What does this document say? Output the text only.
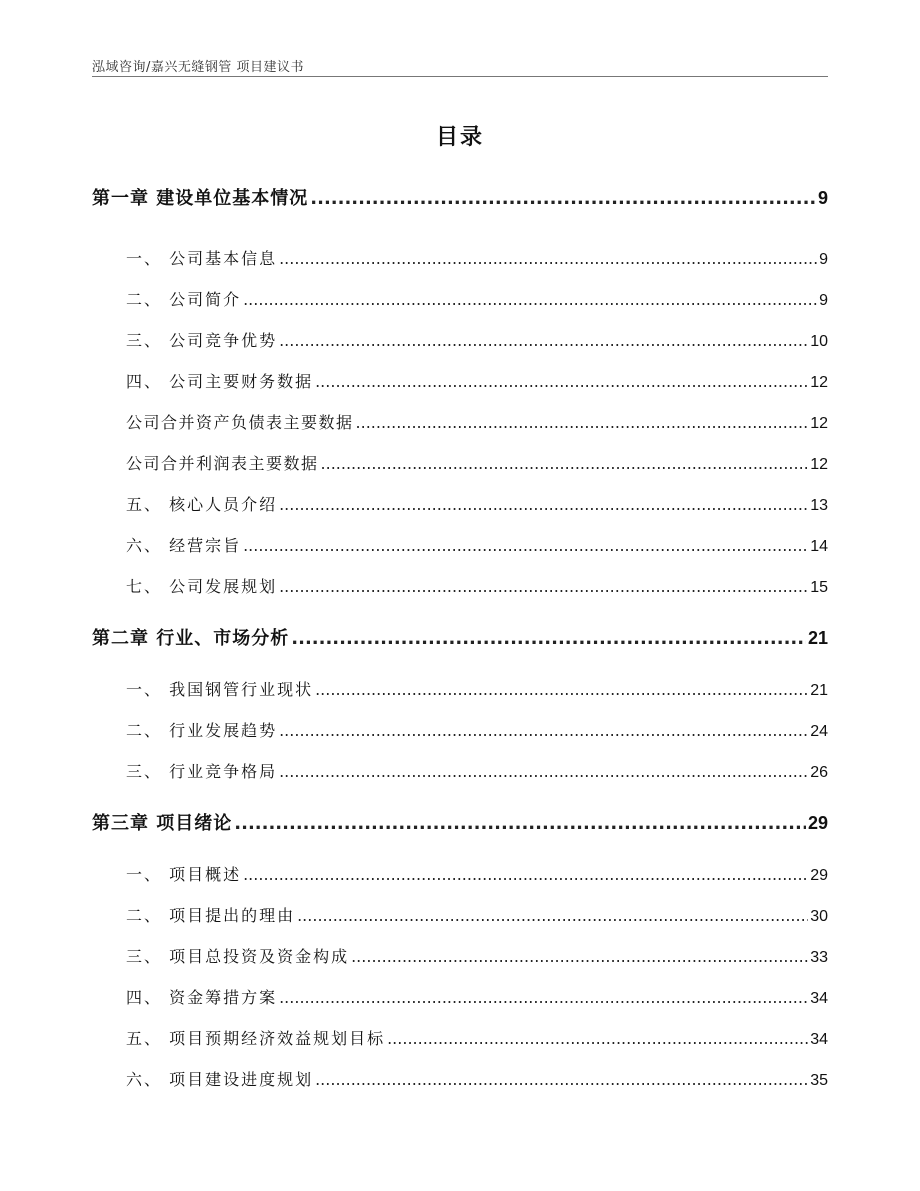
泓域咨询/嘉兴无缝钢管 项目建议书
目录
第一章 建设单位基本情况 .....	9
一、 公司基本信息 .....	9
二、 公司简介 .....	9
三、 公司竞争优势 .....	10
四、 公司主要财务数据 .....	12
公司合并资产负债表主要数据 .....	12
公司合并利润表主要数据 .....	12
五、 核心人员介绍 .....	13
六、 经营宗旨 .....	14
七、 公司发展规划 .....	15
第二章 行业、市场分析 .....	21
一、 我国钢管行业现状 .....	21
二、 行业发展趋势 .....	24
三、 行业竞争格局 .....	26
第三章 项目绪论 .....	29
一、 项目概述 .....	29
二、 项目提出的理由 .....	30
三、 项目总投资及资金构成 .....	33
四、 资金筹措方案 .....	34
五、 项目预期经济效益规划目标 .....	34
六、 项目建设进度规划 .....	35
